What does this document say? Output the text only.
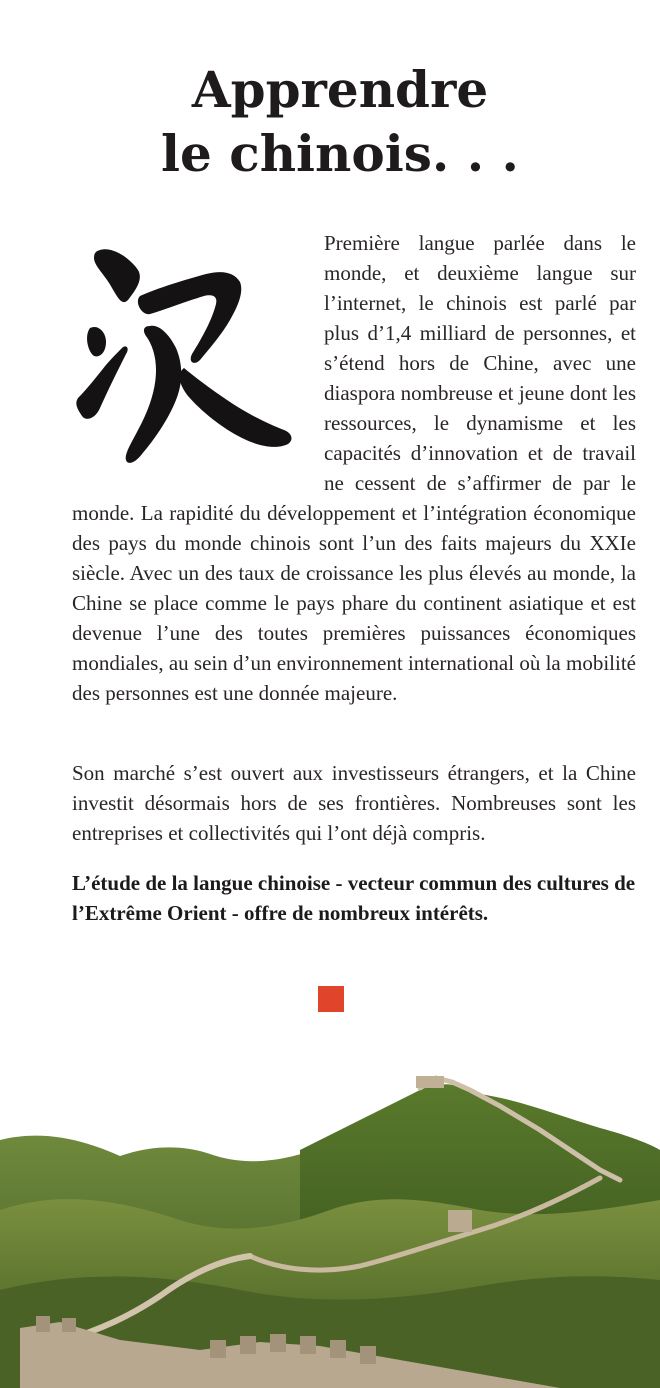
Apprendre
le chinois. . .

Première langue parlée dans le monde, et deuxième langue sur l’internet, le chinois est parlé par plus d’1,4 milliard de personnes, et s’étend hors de Chine, avec une diaspora nombreuse et jeune dont les ressources, le dynamisme et les capacités d’innovation et de travail ne cessent de s’affirmer de par le monde. La rapidité du développement et l’intégration économique des pays du monde chinois sont l’un des faits majeurs du XXIe siècle. Avec un des taux de croissance les plus élevés au monde, la Chine se place comme le pays phare du continent asiatique et est devenue l’une des toutes premières puissances économiques mondiales, au sein d’un environnement international où la mobilité des personnes est une donnée majeure.

Son marché s’est ouvert aux investisseurs étrangers, et la Chine investit désormais hors de ses frontières. Nombreuses sont les entreprises et collectivités qui l’ont déjà compris.

L’étude de la langue chinoise - vecteur commun des cultures de l’Extrême Orient - offre de nombreux intérêts.
